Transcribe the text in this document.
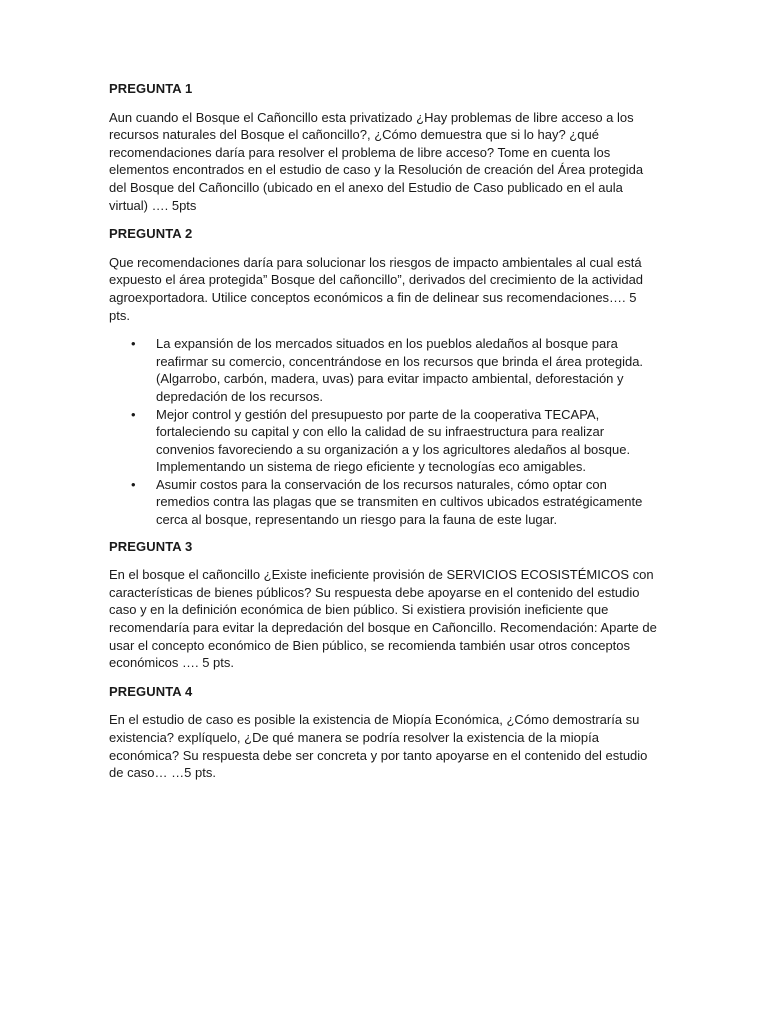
PREGUNTA 1

Aun cuando el Bosque el Cañoncillo esta privatizado ¿Hay problemas de libre acceso a los recursos naturales del Bosque el cañoncillo?, ¿Cómo demuestra que si lo hay? ¿qué recomendaciones daría para resolver el problema de libre acceso? Tome en cuenta los elementos encontrados en el estudio de caso y la Resolución de creación del Área protegida del Bosque del Cañoncillo (ubicado en el anexo del Estudio de Caso publicado en el aula virtual) …. 5pts

PREGUNTA 2

Que recomendaciones daría para solucionar los riesgos de impacto ambientales al cual está expuesto el área protegida” Bosque del cañoncillo”, derivados del crecimiento de la actividad agroexportadora. Utilice conceptos económicos a fin de delinear sus recomendaciones…. 5 pts.

• La expansión de los mercados situados en los pueblos aledaños al bosque para reafirmar su comercio, concentrándose en los recursos que brinda el área protegida. (Algarrobo, carbón, madera, uvas) para evitar impacto ambiental, deforestación y depredación de los recursos.
• Mejor control y gestión del presupuesto por parte de la cooperativa TECAPA, fortaleciendo su capital y con ello la calidad de su infraestructura para realizar convenios favoreciendo a su organización a y los agricultores aledaños al bosque. Implementando un sistema de riego eficiente y tecnologías eco amigables.
• Asumir costos para la conservación de los recursos naturales, cómo optar con remedios contra las plagas que se transmiten en cultivos ubicados estratégicamente cerca al bosque, representando un riesgo para la fauna de este lugar.

PREGUNTA 3

En el bosque el cañoncillo ¿Existe ineficiente provisión de SERVICIOS ECOSISTÉMICOS con características de bienes públicos? Su respuesta debe apoyarse en el contenido del estudio caso y en la definición económica de bien público. Si existiera provisión ineficiente que recomendaría para evitar la depredación del bosque en Cañoncillo. Recomendación: Aparte de usar el concepto económico de Bien público, se recomienda también usar otros conceptos económicos …. 5 pts.

PREGUNTA 4

En el estudio de caso es posible la existencia de Miopía Económica, ¿Cómo demostraría su existencia? explíquelo, ¿De qué manera se podría resolver la existencia de la miopía económica? Su respuesta debe ser concreta y por tanto apoyarse en el contenido del estudio de caso… …5 pts.
